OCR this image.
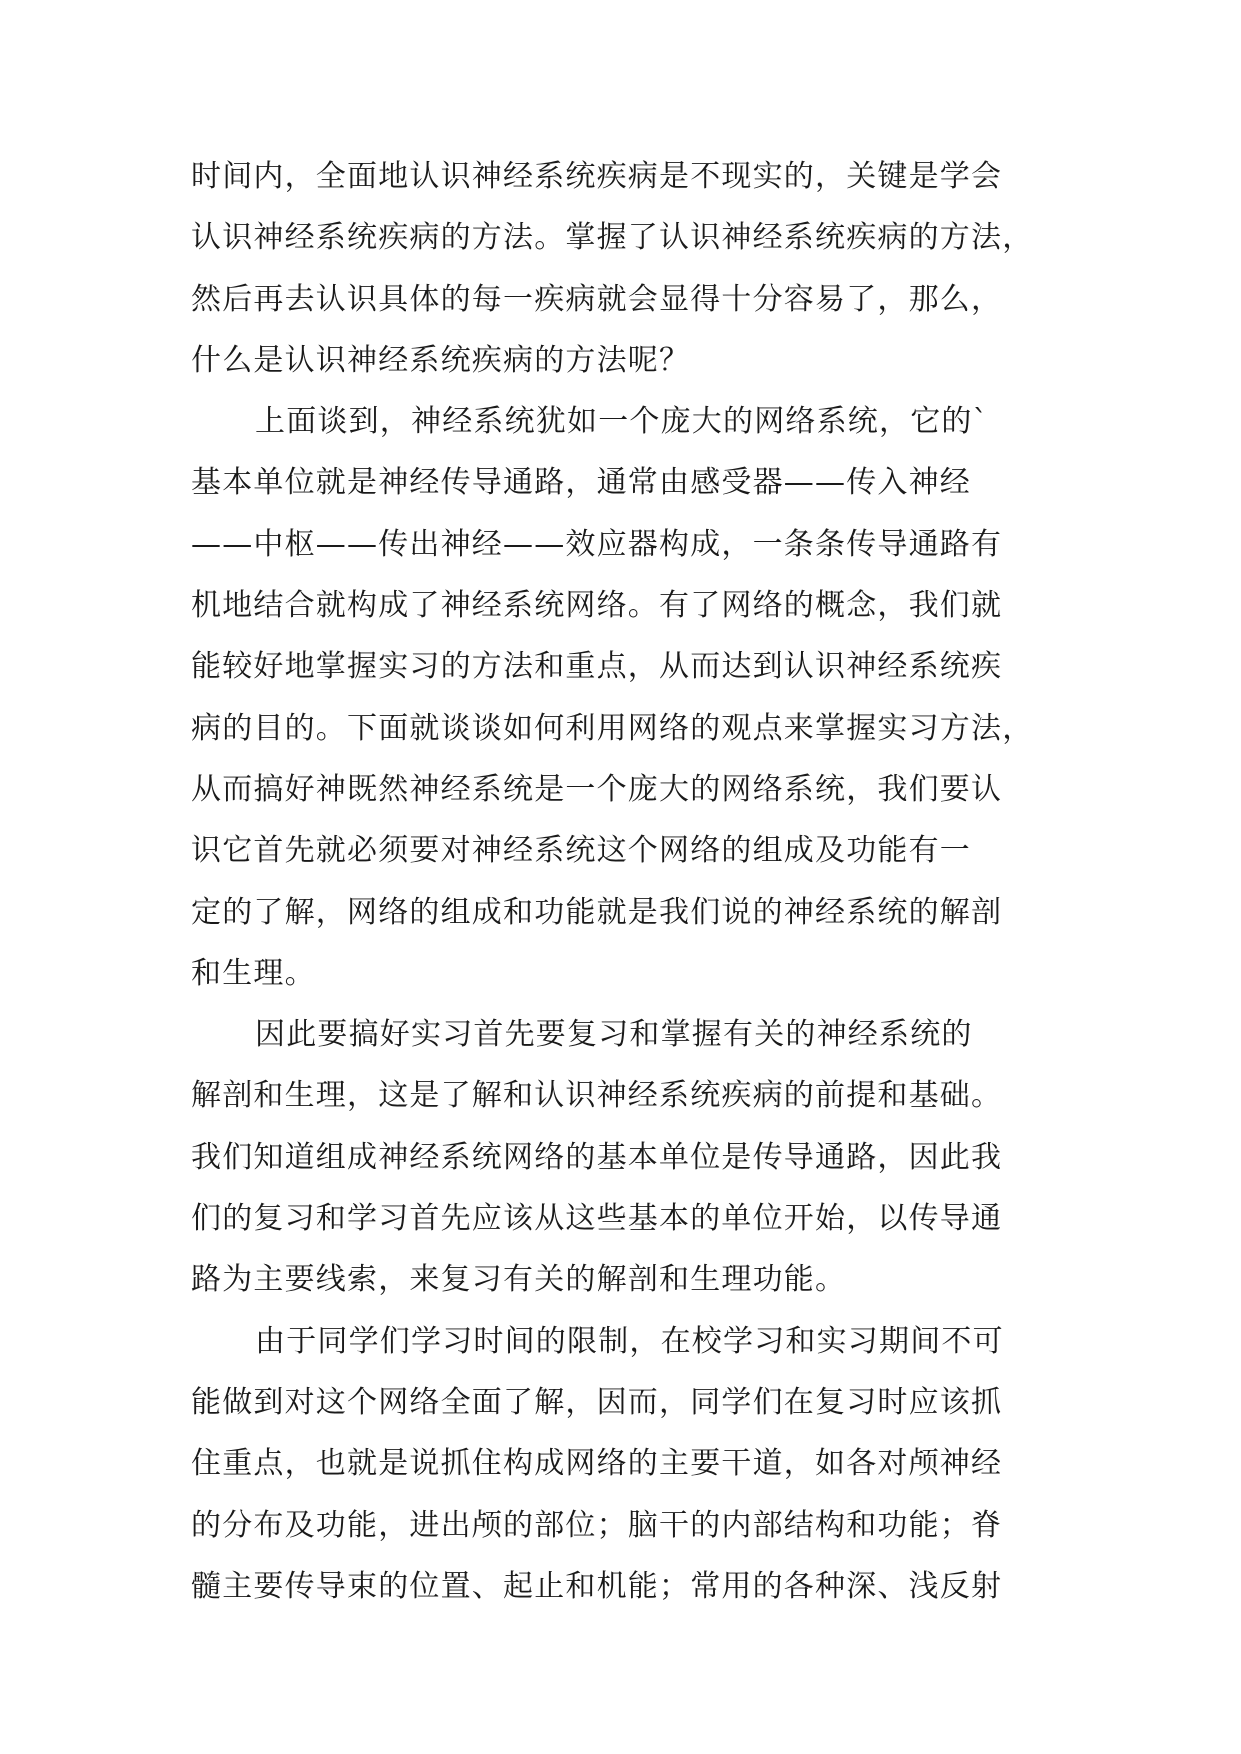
时间内，全面地认识神经系统疾病是不现实的，关键是学会
认识神经系统疾病的方法。掌握了认识神经系统疾病的方法，
然后再去认识具体的每一疾病就会显得十分容易了，那么，
什么是认识神经系统疾病的方法呢？
上面谈到，神经系统犹如一个庞大的网络系统，它的`
基本单位就是神经传导通路，通常由感受器——传入神经
——中枢——传出神经——效应器构成，一条条传导通路有
机地结合就构成了神经系统网络。有了网络的概念，我们就
能较好地掌握实习的方法和重点，从而达到认识神经系统疾
病的目的。下面就谈谈如何利用网络的观点来掌握实习方法，
从而搞好神既然神经系统是一个庞大的网络系统，我们要认
识它首先就必须要对神经系统这个网络的组成及功能有一
定的了解，网络的组成和功能就是我们说的神经系统的解剖
和生理。
因此要搞好实习首先要复习和掌握有关的神经系统的
解剖和生理，这是了解和认识神经系统疾病的前提和基础。
我们知道组成神经系统网络的基本单位是传导通路，因此我
们的复习和学习首先应该从这些基本的单位开始，以传导通
路为主要线索，来复习有关的解剖和生理功能。
由于同学们学习时间的限制，在校学习和实习期间不可
能做到对这个网络全面了解，因而，同学们在复习时应该抓
住重点，也就是说抓住构成网络的主要干道，如各对颅神经
的分布及功能，进出颅的部位；脑干的内部结构和功能；脊
髓主要传导束的位置、起止和机能；常用的各种深、浅反射
